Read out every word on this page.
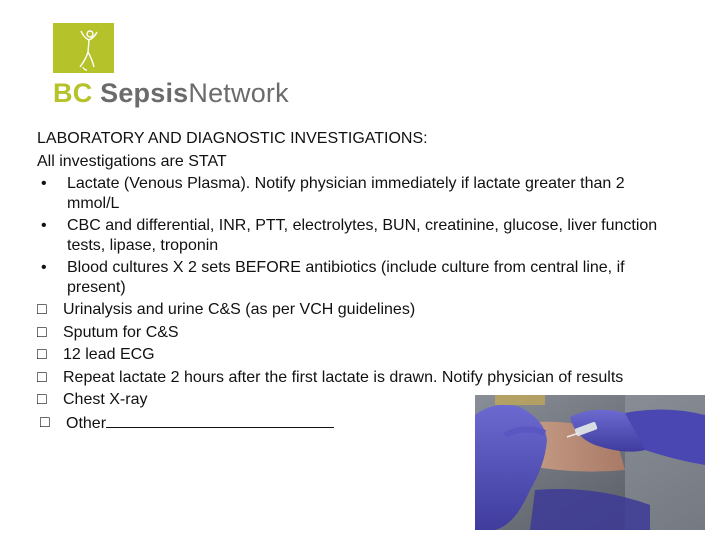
BC SepsisNetwork

LABORATORY AND DIAGNOSTIC INVESTIGATIONS:

All investigations are STAT

•	Lactate (Venous Plasma). Notify physician immediately if lactate greater than 2 mmol/L
•	CBC and differential, INR, PTT, electrolytes, BUN, creatinine, glucose, liver function tests, lipase, troponin
•	Blood cultures X 2 sets BEFORE antibiotics (include culture from central line, if present)
□	Urinalysis and urine C&S (as per VCH guidelines)
□	Sputum for C&S
□	12 lead ECG
□	Repeat lactate 2 hours after the first lactate is drawn. Notify physician of results
□	Chest X-ray
□	Other
